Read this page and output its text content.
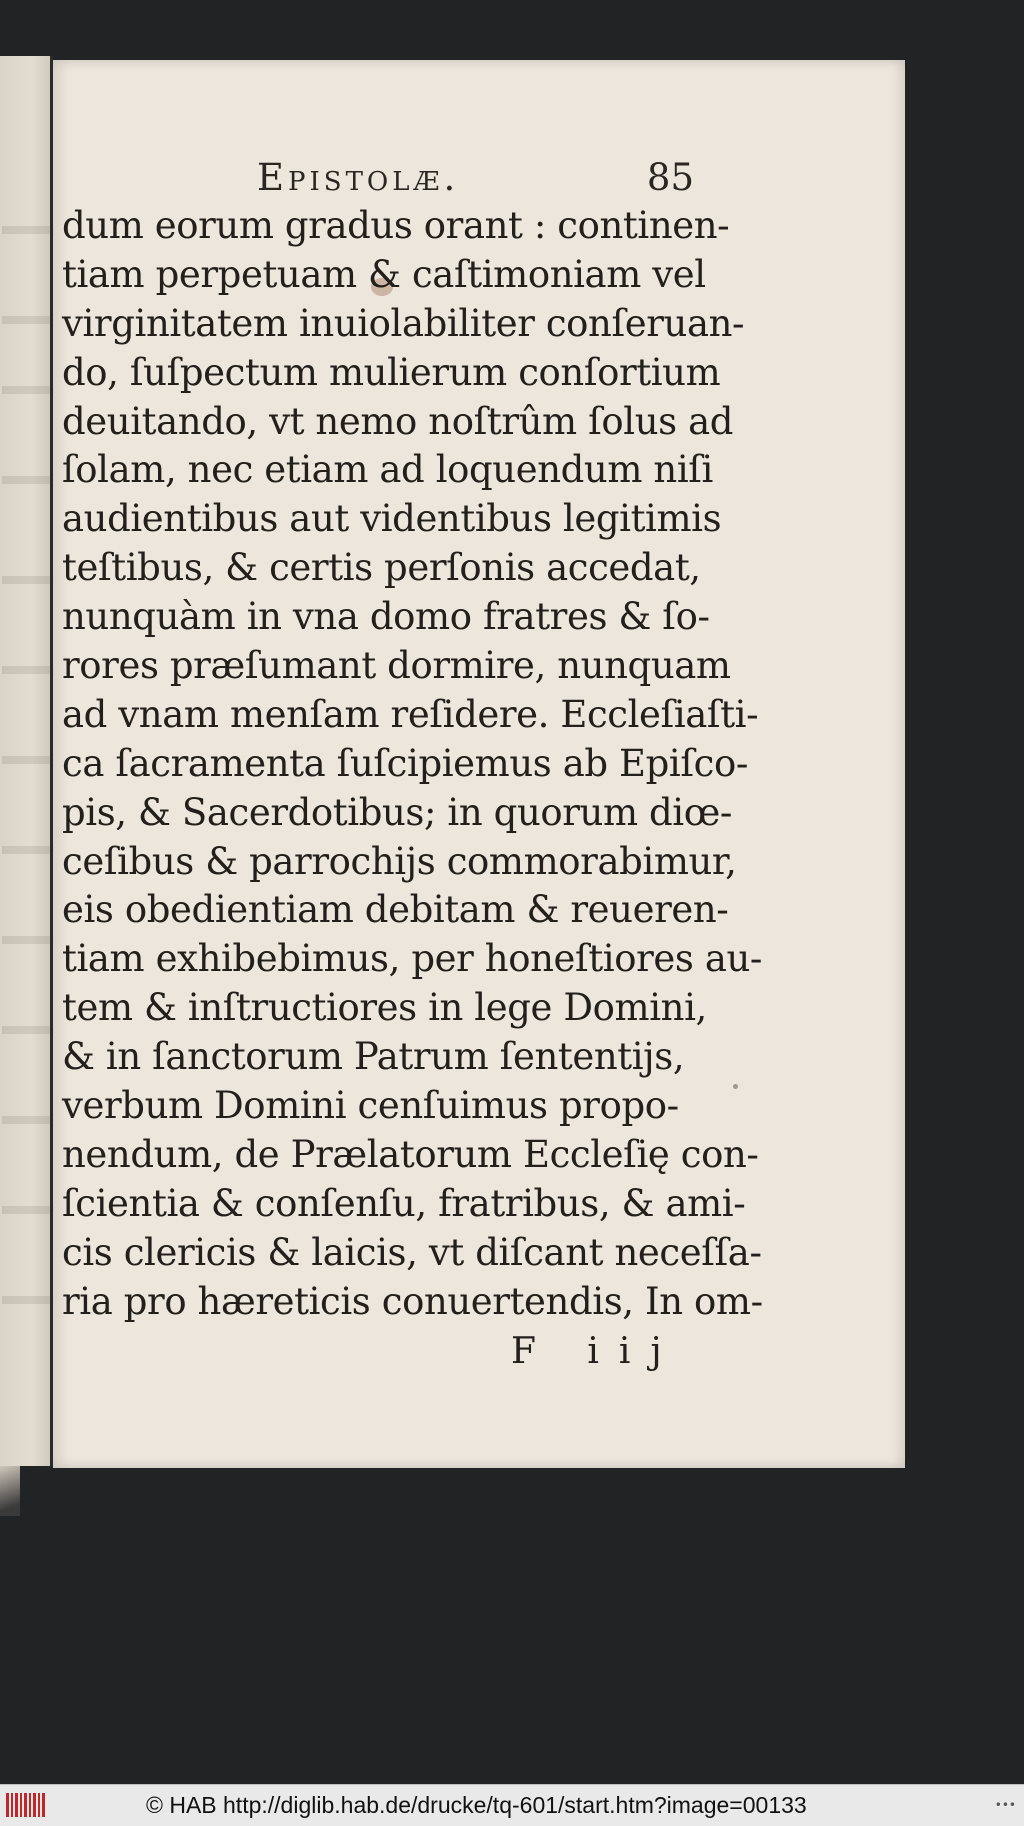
Epistolæ.	85
dum eorum gradus orant : continen-
tiam perpetuam & caſtimoniam vel
virginitatem inuiolabiliter conſeruan-
do, ſuſpectum mulierum conſortium
deuitando, vt nemo noſtrûm ſolus ad
ſolam, nec etiam ad loquendum niſi
audientibus aut videntibus legitimis
teſtibus, & certis perſonis accedat,
nunquàm in vna domo fratres & ſo-
rores præſumant dormire, nunquam
ad vnam menſam reſidere. Eccleſiaſti-
ca ſacramenta ſuſcipiemus ab Epiſco-
pis, & Sacerdotibus; in quorum diœ-
ceſibus & parrochijs commorabimur,
eis obedientiam debitam & reueren-
tiam exhibebimus, per honeſtiores au-
tem & inſtructiores in lege Domini,
& in ſanctorum Patrum ſententijs,
verbum Domini cenſuimus propo-
nendum, de Prælatorum Eccleſię con-
ſcientia & conſenſu, fratribus, & ami-
cis clericis & laicis, vt diſcant neceſſa-
ria pro hæreticis conuertendis, In om-
F iij
© HAB http://diglib.hab.de/drucke/tq-601/start.htm?image=00133	•••
